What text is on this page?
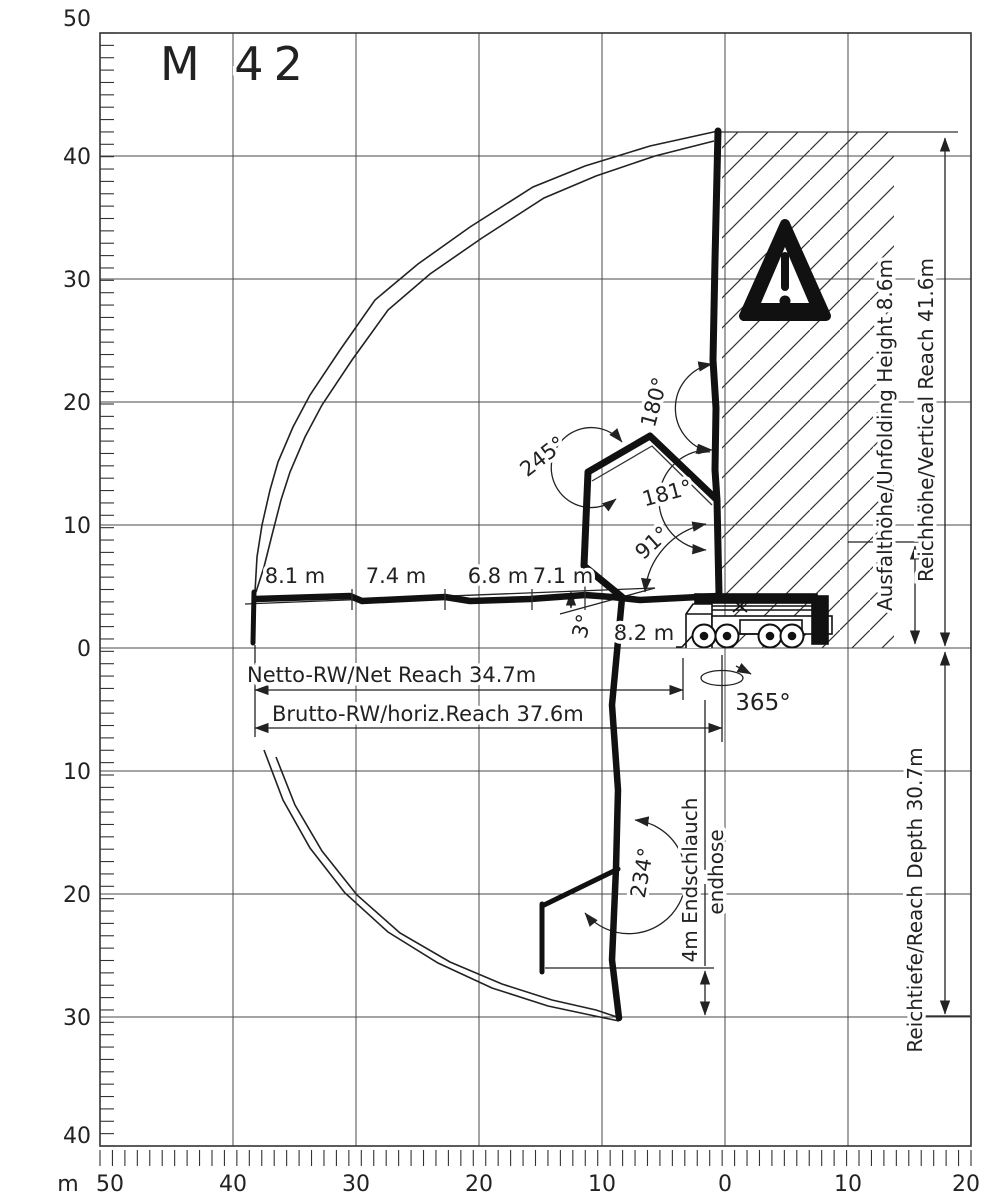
M 42
50
40
30
20
10
0
10
20
30
40
m 50	40	30	20	10	0	10	20
8.1 m 7.4 m 6.8 m 7.1 m
8.2 m
245°
180°
181°
91°
3°
234°
365°
Netto-RW/Net Reach 34.7m
Brutto-RW/horiz.Reach 37.6m
Ausfalthöhe/Unfolding Height 8.6m Reichhöhe/Vertical Reach 41.6m
Reichtiefe/Reach Depth 30.7m
4m Endschlauch endhose
